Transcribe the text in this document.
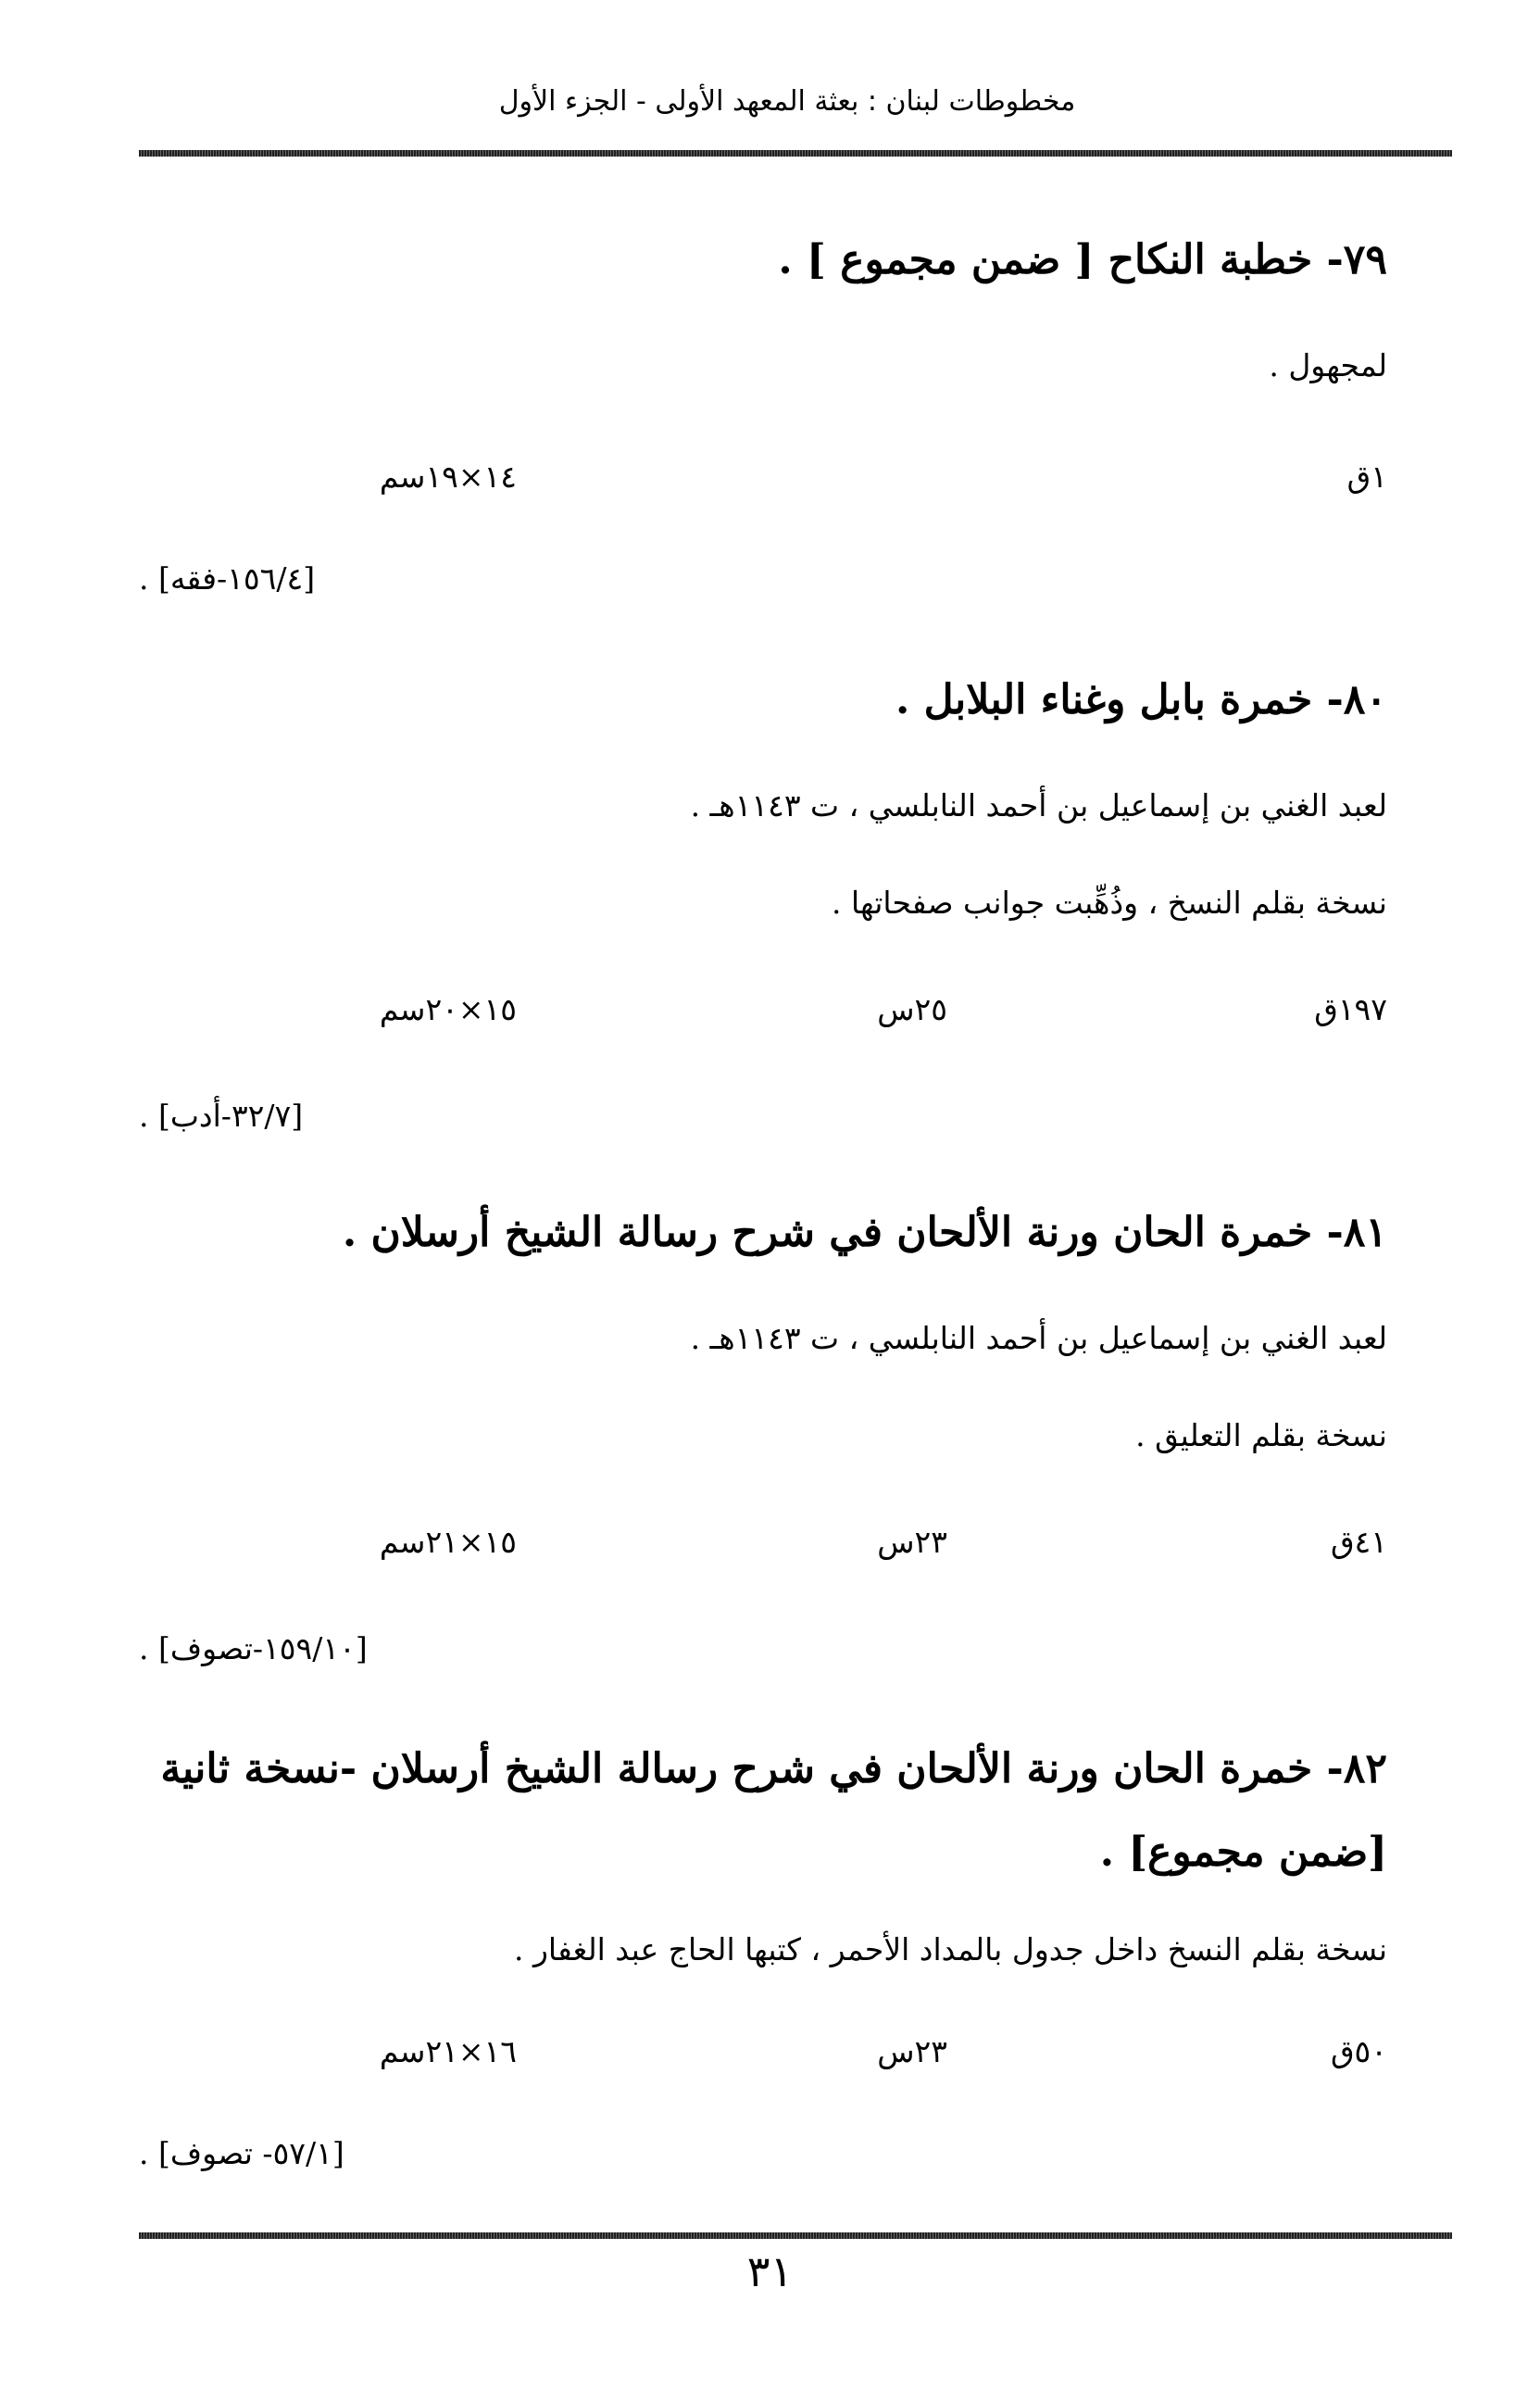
مخطوطات لبنان : بعثة المعهد الأولى - الجزء الأول
٧٩- خطبة النكاح [ ضمن مجموع ] .
لمجهول .
١ق
١٤×١٩سم
[١٥٦/٤-فقه] .
٨٠- خمرة بابل وغناء البلابل .
لعبد الغني بن إسماعيل بن أحمد النابلسي ، ت ١١٤٣هـ .
نسخة بقلم النسخ ، وذُهِّبت جوانب صفحاتها .
١٩٧ق
٢٥س
١٥×٢٠سم
[٣٢/٧-أدب] .
٨١- خمرة الحان ورنة الألحان في شرح رسالة الشيخ أرسلان .
لعبد الغني بن إسماعيل بن أحمد النابلسي ، ت ١١٤٣هـ .
نسخة بقلم التعليق .
٤١ق
٢٣س
١٥×٢١سم
[١٥٩/١٠-تصوف] .
٨٢- خمرة الحان ورنة الألحان في شرح رسالة الشيخ أرسلان -نسخة ثانية [ضمن مجموع] .
نسخة بقلم النسخ داخل جدول بالمداد الأحمر ، كتبها الحاج عبد الغفار .
٥٠ق
٢٣س
١٦×٢١سم
[٥٧/١- تصوف] .
٣١
